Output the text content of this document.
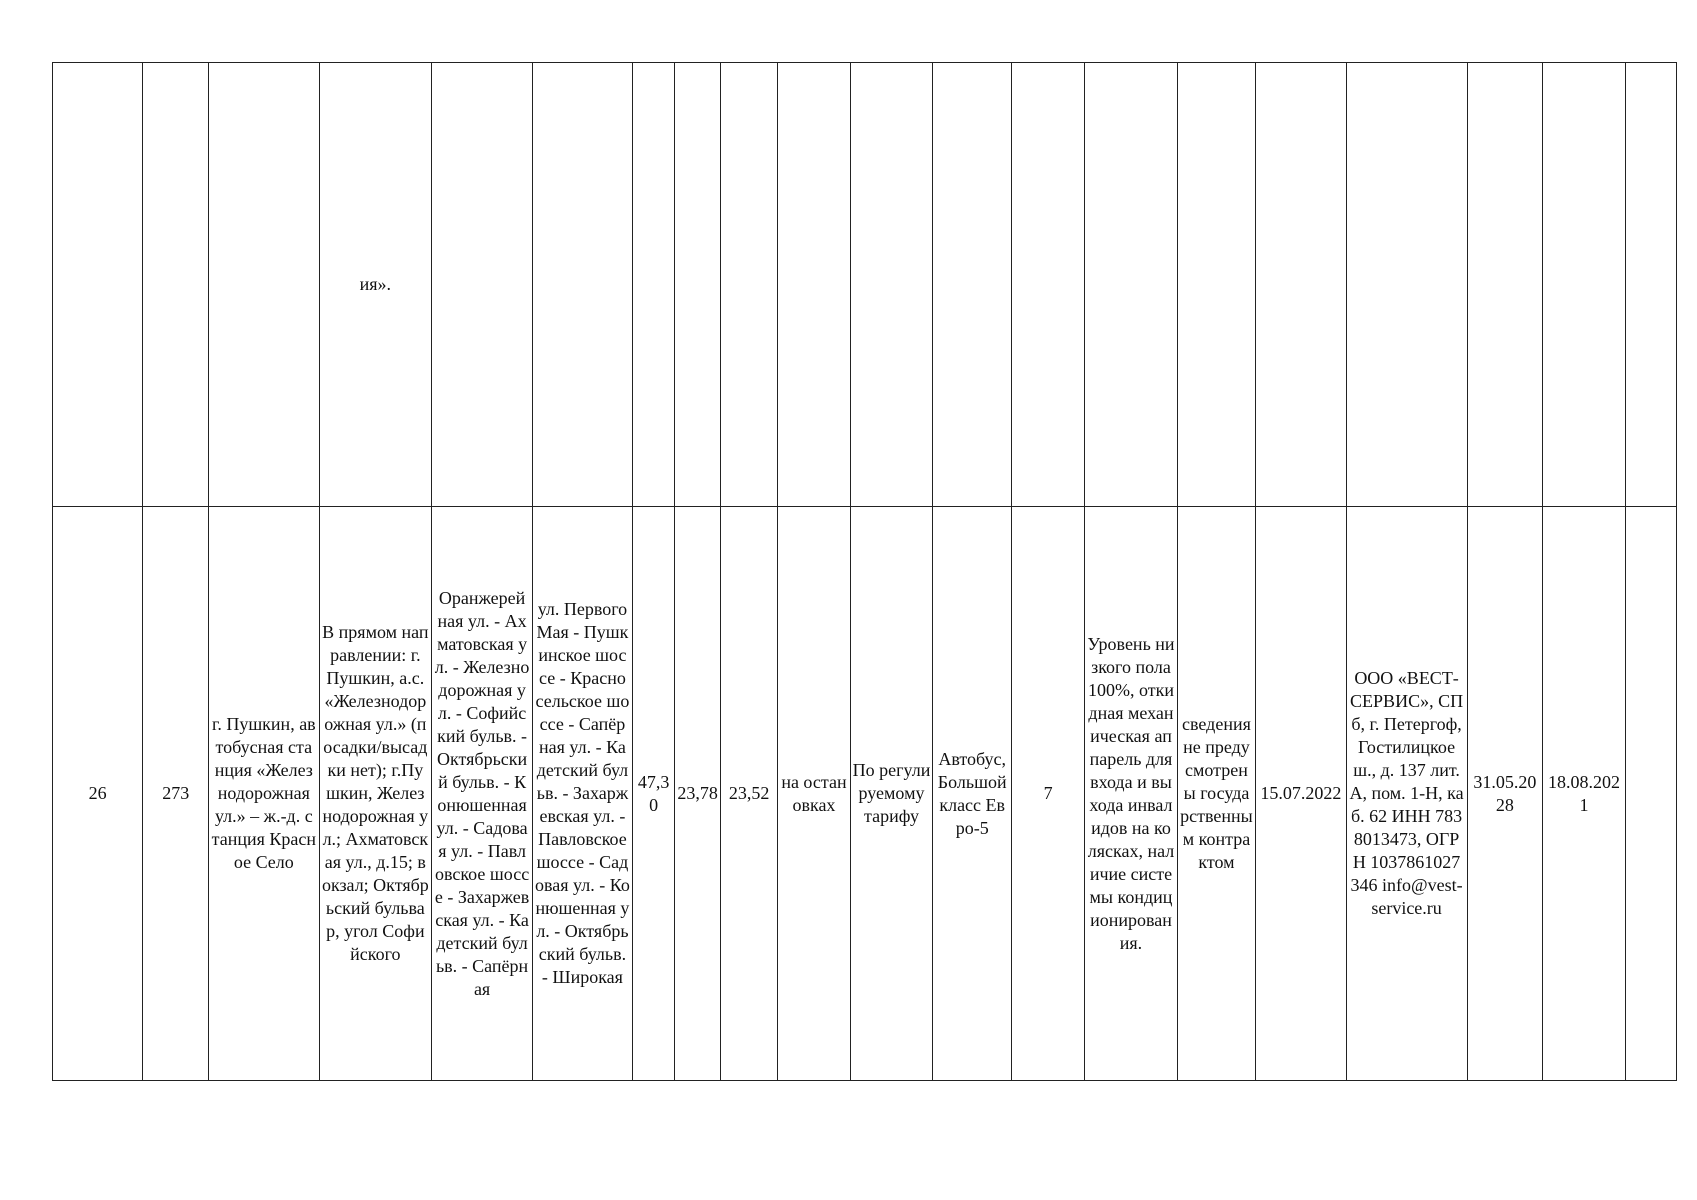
			ия».																

26	273	г. Пушкин, автобусная станция «Железнодорожная ул.» – ж.-д. станция Красное Село	В прямом направлении: г. Пушкин, а.с. «Железнодорожная ул.» (посадки/высадки нет); г.Пушкин, Железнодорожная ул.; Ахматовская ул., д.15; вокзал; Октябрьский бульвар, угол Софийского	Оранжерейная ул. - Ахматовская ул. - Железнодорожная ул. - Софийский бульв. - Октябрьский бульв. - Конюшенная ул. - Садовая ул. - Павловское шоссе - Захаржевская ул. - Кадетский бульв. - Сапёрная	ул. Первого Мая - Пушкинское шоссе - Красносельское шоссе - Сапёрная ул. - Кадетский бульв. - Захаржевская ул. - Павловское шоссе - Садовая ул. - Конюшенная ул. - Октябрьский бульв. - Широкая	47,30	23,78	23,52	на остановках	По регулируемому тарифу	Автобус, Большой класс Евро-5	7	Уровень низкого пола 100%, откидная механическая аппарель для входа и выхода инвалидов на колясках, наличие системы кондиционирования.	сведения не предусмотрены государственным контрактом	15.07.2022	ООО «ВЕСТ-СЕРВИС», СПб, г. Петергоф, Гостилицкое ш., д. 137 лит. А, пом. 1-Н, каб. 62 ИНН 7838013473, ОГРН 1037861027346 info@vest-service.ru	31.05.2028	18.08.2021	
